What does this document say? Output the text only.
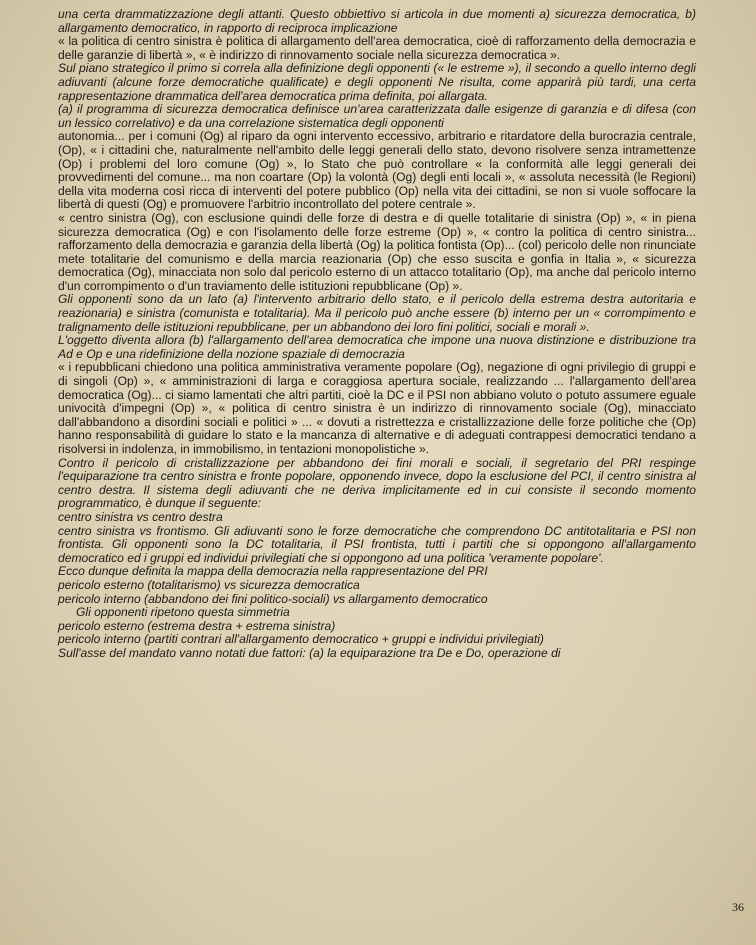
una certa drammatizzazione degli attanti. Questo obbiettivo si articola in due momenti a) sicurezza democratica, b) allargamento democratico, in rapporto di reciproca implicazione

« la politica di centro sinistra è politica di allargamento dell'area democratica, cioè di rafforzamento della democrazia e delle garanzie di libertà », « è indirizzo di rinnovamento sociale nella sicurezza democratica ».

Sul piano strategico il primo si correla alla definizione degli opponenti (« le estreme »), il secondo a quello interno degli adiuvanti (alcune forze democratiche qualificate) e degli opponenti Ne risulta, come apparirà più tardi, una certa rappresentazione drammatica dell'area democratica prima definita, poi allargata.

(a) il programma di sicurezza democratica definisce un'area caratterizzata dalle esigenze di garanzia e di difesa (con un lessico correlativo) e da una correlazione sistematica degli opponenti

autonomia... per i comuni (Og) al riparo da ogni intervento eccessivo, arbitrario e ritardatore della burocrazia centrale, (Op), « i cittadini che, naturalmente nell'ambito delle leggi generali dello stato, devono risolvere senza intramettenze (Op) i problemi del loro comune (Og) », lo Stato che può controllare « la conformità alle leggi generali dei provvedimenti del comune... ma non coartare (Op) la volontà (Og) degli enti locali », « assoluta necessità (le Regioni) della vita moderna così ricca di interventi del potere pubblico (Op) nella vita dei cittadini, se non si vuole soffocare la libertà di questi (Og) e promuovere l'arbitrio incontrollato del potere centrale ».

« centro sinistra (Og), con esclusione quindi delle forze di destra e di quelle totalitarie di sinistra (Op) », « in piena sicurezza democratica (Og) e con l'isolamento delle forze estreme (Op) », « contro la politica di centro sinistra... rafforzamento della democrazia e garanzia della libertà (Og) la politica fontista (Op)... (col) pericolo delle non rinunciate mete totalitarie del comunismo e della marcia reazionaria (Op) che esso suscita e gonfia in Italia », « sicurezza democratica (Og), minacciata non solo dal pericolo esterno di un attacco totalitario (Op), ma anche dal pericolo interno d'un corrompimento o d'un traviamento delle istituzioni repubblicane (Op) ».

Gli opponenti sono da un lato (a) l'intervento arbitrario dello stato, e il pericolo della estrema destra autoritaria e reazionaria) e sinistra (comunista e totalitaria). Ma il pericolo può anche essere (b) interno per un « corrompimento e tralignamento delle istituzioni repubblicane, per un abbandono dei loro fini politici, sociali e morali ».

L'oggetto diventa allora (b) l'allargamento dell'area democratica che impone una nuova distinzione e distribuzione tra Ad e Op e una ridefinizione della nozione spaziale di democrazia

« i repubblicani chiedono una politica amministrativa veramente popolare (Og), negazione di ogni privilegio di gruppi e di singoli (Op) », « amministrazioni di larga e coraggiosa apertura sociale, realizzando ... l'allargamento dell'area democratica (Og)... ci siamo lamentati che altri partiti, cioè la DC e il PSI non abbiano voluto o potuto assumere eguale univocità d'impegni (Op) », « politica di centro sinistra è un indirizzo di rinnovamento sociale (Og), minacciato dall'abbandono a disordini sociali e politici » ... « dovuti a ristrettezza e cristallizzazione delle forze politiche che (Op) hanno responsabilità di guidare lo stato e la mancanza di alternative e di adeguati contrappesi democratici tendano a risolversi in indolenza, in immobilismo, in tentazioni monopolistiche ».

Contro il pericolo di cristallizzazione per abbandono dei fini morali e sociali, il segretario del PRI respinge l'equiparazione tra centro sinistra e fronte popolare, opponendo invece, dopo la esclusione del PCI, il centro sinistra al centro destra. Il sistema degli adiuvanti che ne deriva implicitamente ed in cui consiste il secondo momento programmatico, è dunque il seguente:

centro sinistra vs centro destra

centro sinistra vs frontismo. Gli adiuvanti sono le forze democratiche che comprendono DC antitotalitaria e PSI non frontista. Gli opponenti sono la DC totalitaria, il PSI frontista, tutti i partiti che si oppongono all'allargamento democratico ed i gruppi ed individui privilegiati che si oppongono ad una politica 'veramente popolare'.

Ecco dunque definita la mappa della democrazia nella rappresentazione del PRI

pericolo esterno (totalitarismo) vs sicurezza democratica

pericolo interno (abbandono dei fini politico-sociali) vs allargamento democratico

Gli opponenti ripetono questa simmetria

pericolo esterno (estrema destra + estrema sinistra)

pericolo interno (partiti contrari all'allargamento democratico + gruppi e individui privilegiati)

Sull'asse del mandato vanno notati due fattori: (a) la equiparazione tra De e Do, operazione di

36
